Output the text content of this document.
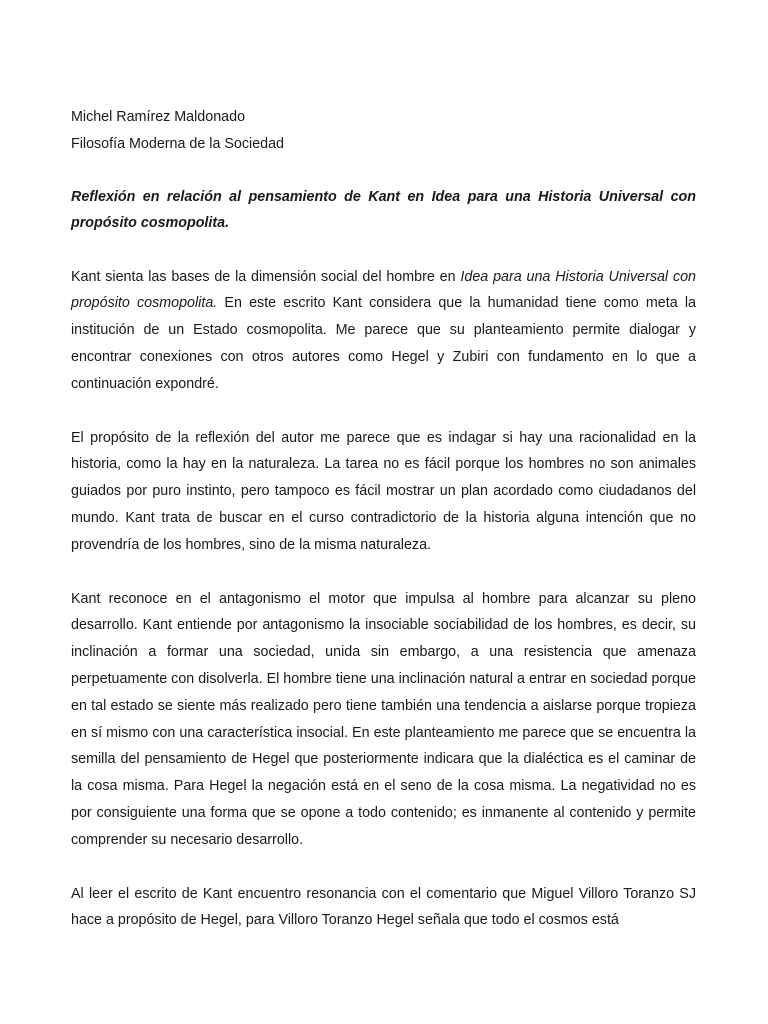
Michel Ramírez Maldonado
Filosofía Moderna de la Sociedad
Reflexión en relación al pensamiento de Kant en Idea para una Historia Universal con propósito cosmopolita.
Kant sienta las bases de la dimensión social del hombre en Idea para una Historia Universal con propósito cosmopolita. En este escrito Kant considera que la humanidad tiene como meta la institución de un Estado cosmopolita. Me parece que su planteamiento permite dialogar y encontrar conexiones con otros autores como Hegel y Zubiri con fundamento en lo que a continuación expondré.
El propósito de la reflexión del autor me parece que es indagar si hay una racionalidad en la historia, como la hay en la naturaleza. La tarea no es fácil porque los hombres no son animales guiados por puro instinto, pero tampoco es fácil mostrar un plan acordado como ciudadanos del mundo. Kant trata de buscar en el curso contradictorio de la historia alguna intención que no provendría de los hombres, sino de la misma naturaleza.
Kant reconoce en el antagonismo el motor que impulsa al hombre para alcanzar su pleno desarrollo. Kant entiende por antagonismo la insociable sociabilidad de los hombres, es decir, su inclinación a formar una sociedad, unida sin embargo, a una resistencia que amenaza perpetuamente con disolverla. El hombre tiene una inclinación natural a entrar en sociedad porque en tal estado se siente más realizado pero tiene también una tendencia a aislarse porque tropieza en sí mismo con una característica insocial. En este planteamiento me parece que se encuentra la semilla del pensamiento de Hegel que posteriormente indicara que la dialéctica es el caminar de la cosa misma. Para Hegel la negación está en el seno de la cosa misma. La negatividad no es por consiguiente una forma que se opone a todo contenido; es inmanente al contenido y permite comprender su necesario desarrollo.
Al leer el escrito de Kant encuentro resonancia con el comentario que Miguel Villoro Toranzo SJ hace a propósito de Hegel, para Villoro Toranzo Hegel señala que todo el cosmos está
